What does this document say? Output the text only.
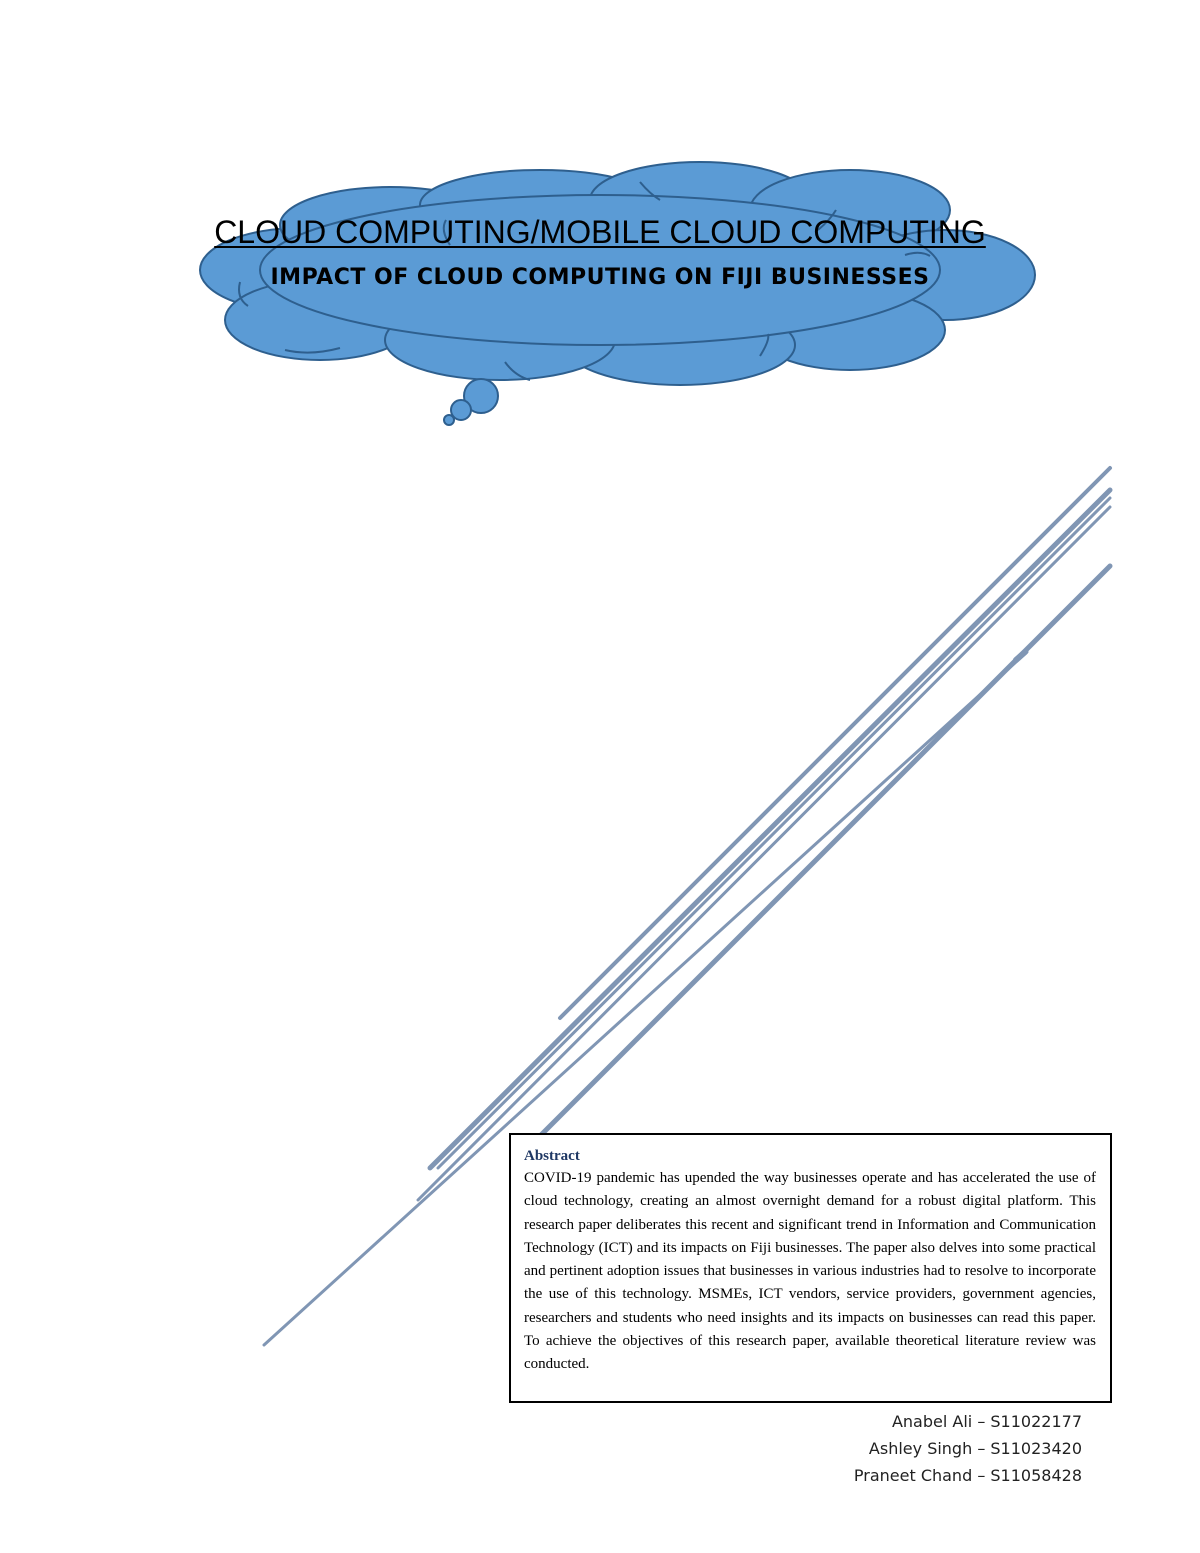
CLOUD COMPUTING/MOBILE CLOUD COMPUTING
IMPACT OF CLOUD COMPUTING ON FIJI BUSINESSES
Abstract

COVID-19 pandemic has upended the way businesses operate and has accelerated the use of cloud technology, creating an almost overnight demand for a robust digital platform. This research paper deliberates this recent and significant trend in Information and Communication Technology (ICT) and its impacts on Fiji businesses. The paper also delves into some practical and pertinent adoption issues that businesses in various industries had to resolve to incorporate the use of this technology. MSMEs, ICT vendors, service providers, government agencies, researchers and students who need insights and its impacts on businesses can read this paper. To achieve the objectives of this research paper, available theoretical literature review was conducted.

Anabel Ali – S11022177
Ashley Singh – S11023420
Praneet Chand – S11058428
